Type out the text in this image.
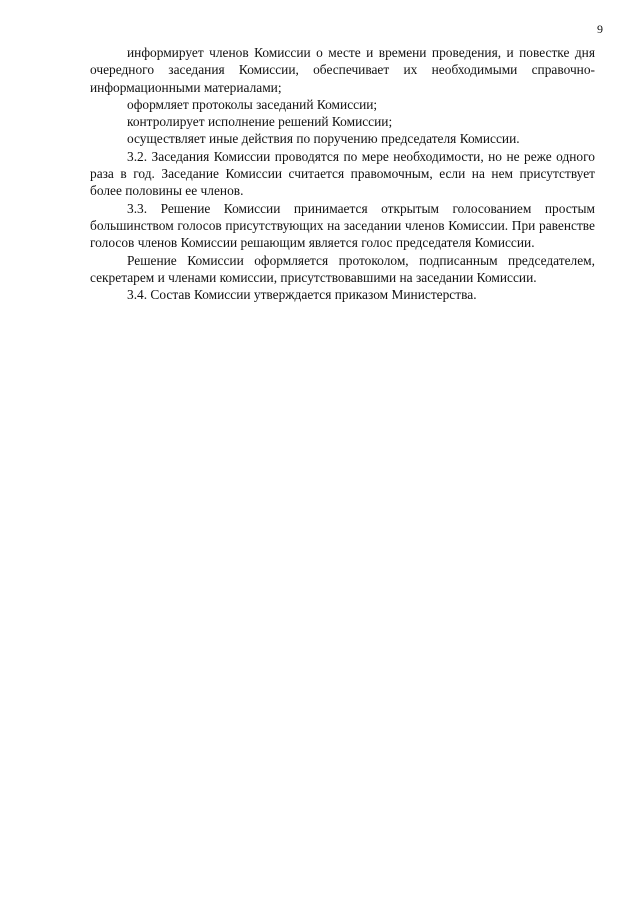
9

информирует членов Комиссии о месте и времени проведения, и повестке дня очередного заседания Комиссии, обеспечивает их необходимыми справочно-информационными материалами;

оформляет протоколы заседаний Комиссии;

контролирует исполнение решений Комиссии;

осуществляет иные действия по поручению председателя Комиссии.

3.2. Заседания Комиссии проводятся по мере необходимости, но не реже одного раза в год. Заседание Комиссии считается правомочным, если на нем присутствует более половины ее членов.

3.3. Решение Комиссии принимается открытым голосованием простым большинством голосов присутствующих на заседании членов Комиссии. При равенстве голосов членов Комиссии решающим является голос председателя Комиссии.

Решение Комиссии оформляется протоколом, подписанным председателем, секретарем и членами комиссии, присутствовавшими на заседании Комиссии.

3.4. Состав Комиссии утверждается приказом Министерства.
